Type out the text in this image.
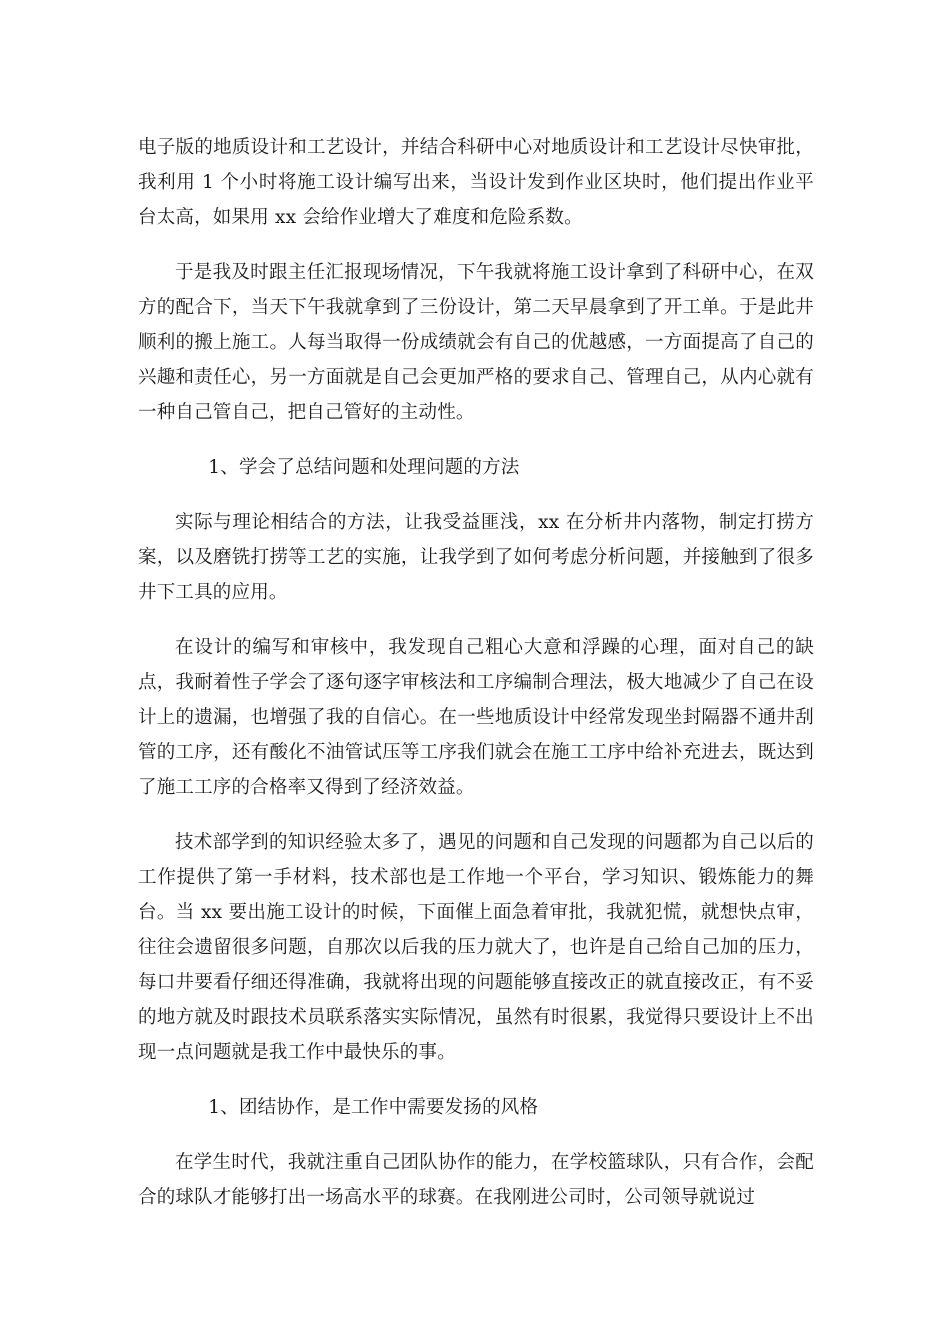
电子版的地质设计和工艺设计，并结合科研中心对地质设计和工艺设计尽快审批，我利用 1 个小时将施工设计编写出来，当设计发到作业区块时，他们提出作业平台太高，如果用 xx 会给作业增大了难度和危险系数。

于是我及时跟主任汇报现场情况，下午我就将施工设计拿到了科研中心，在双方的配合下，当天下午我就拿到了三份设计，第二天早晨拿到了开工单。于是此井顺利的搬上施工。人每当取得一份成绩就会有自己的优越感，一方面提高了自己的兴趣和责任心，另一方面就是自己会更加严格的要求自己、管理自己，从内心就有一种自己管自己，把自己管好的主动性。

1、学会了总结问题和处理问题的方法

实际与理论相结合的方法，让我受益匪浅，xx 在分析井内落物，制定打捞方案，以及磨铣打捞等工艺的实施，让我学到了如何考虑分析问题，并接触到了很多井下工具的应用。

在设计的编写和审核中，我发现自己粗心大意和浮躁的心理，面对自己的缺点，我耐着性子学会了逐句逐字审核法和工序编制合理法，极大地减少了自己在设计上的遗漏，也增强了我的自信心。在一些地质设计中经常发现坐封隔器不通井刮管的工序，还有酸化不油管试压等工序我们就会在施工工序中给补充进去，既达到了施工工序的合格率又得到了经济效益。

技术部学到的知识经验太多了，遇见的问题和自己发现的问题都为自己以后的工作提供了第一手材料，技术部也是工作地一个平台，学习知识、锻炼能力的舞台。当 xx 要出施工设计的时候，下面催上面急着审批，我就犯慌，就想快点审，往往会遗留很多问题，自那次以后我的压力就大了，也许是自己给自己加的压力，每口井要看仔细还得准确，我就将出现的问题能够直接改正的就直接改正，有不妥的地方就及时跟技术员联系落实实际情况，虽然有时很累，我觉得只要设计上不出现一点问题就是我工作中最快乐的事。

1、团结协作，是工作中需要发扬的风格

在学生时代，我就注重自己团队协作的能力，在学校篮球队，只有合作，会配合的球队才能够打出一场高水平的球赛。在我刚进公司时，公司领导就说过
